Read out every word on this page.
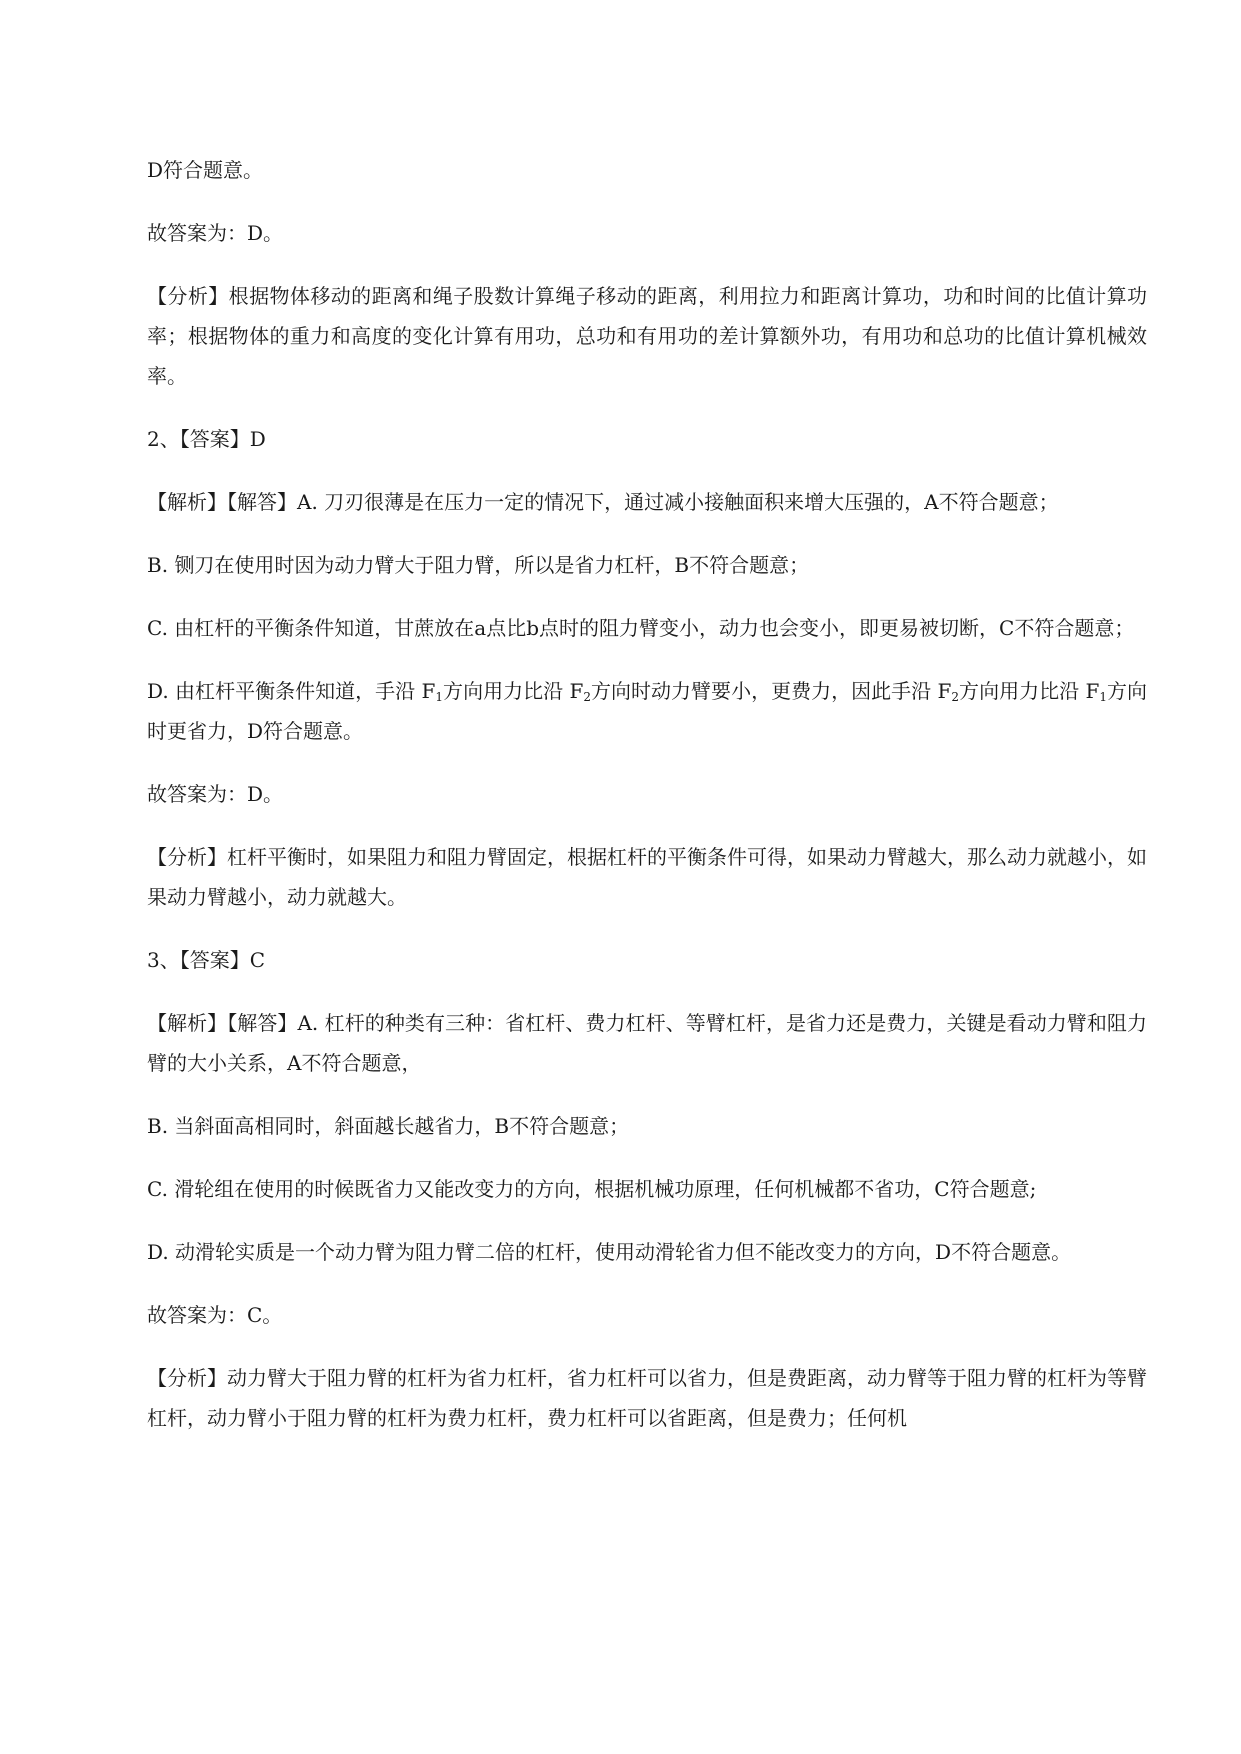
D符合题意。

故答案为：D。

【分析】根据物体移动的距离和绳子股数计算绳子移动的距离，利用拉力和距离计算功，功和时间的比值计算功率；根据物体的重力和高度的变化计算有用功，总功和有用功的差计算额外功，有用功和总功的比值计算机械效率。

2、【答案】D

【解析】【解答】A. 刀刃很薄是在压力一定的情况下，通过减小接触面积来增大压强的，A不符合题意；

B. 铡刀在使用时因为动力臂大于阻力臂，所以是省力杠杆，B不符合题意；

C. 由杠杆的平衡条件知道，甘蔗放在a点比b点时的阻力臂变小，动力也会变小，即更易被切断，C不符合题意；

D. 由杠杆平衡条件知道，手沿 $F_1$方向用力比沿 $F_2$方向时动力臂要小，更费力，因此手沿 $F_2$方向用力比沿 $F_1$方向时更省力，D符合题意。

故答案为：D。

【分析】杠杆平衡时，如果阻力和阻力臂固定，根据杠杆的平衡条件可得，如果动力臂越大，那么动力就越小，如果动力臂越小，动力就越大。

3、【答案】C

【解析】【解答】A. 杠杆的种类有三种：省杠杆、费力杠杆、等臂杠杆，是省力还是费力，关键是看动力臂和阻力臂的大小关系，A不符合题意，

B. 当斜面高相同时，斜面越长越省力，B不符合题意；

C. 滑轮组在使用的时候既省力又能改变力的方向，根据机械功原理，任何机械都不省功，C符合题意;

D. 动滑轮实质是一个动力臂为阻力臂二倍的杠杆，使用动滑轮省力但不能改变力的方向，D不符合题意。

故答案为：C。

【分析】动力臂大于阻力臂的杠杆为省力杠杆，省力杠杆可以省力，但是费距离，动力臂等于阻力臂的杠杆为等臂杠杆，动力臂小于阻力臂的杠杆为费力杠杆，费力杠杆可以省距离，但是费力；任何机
